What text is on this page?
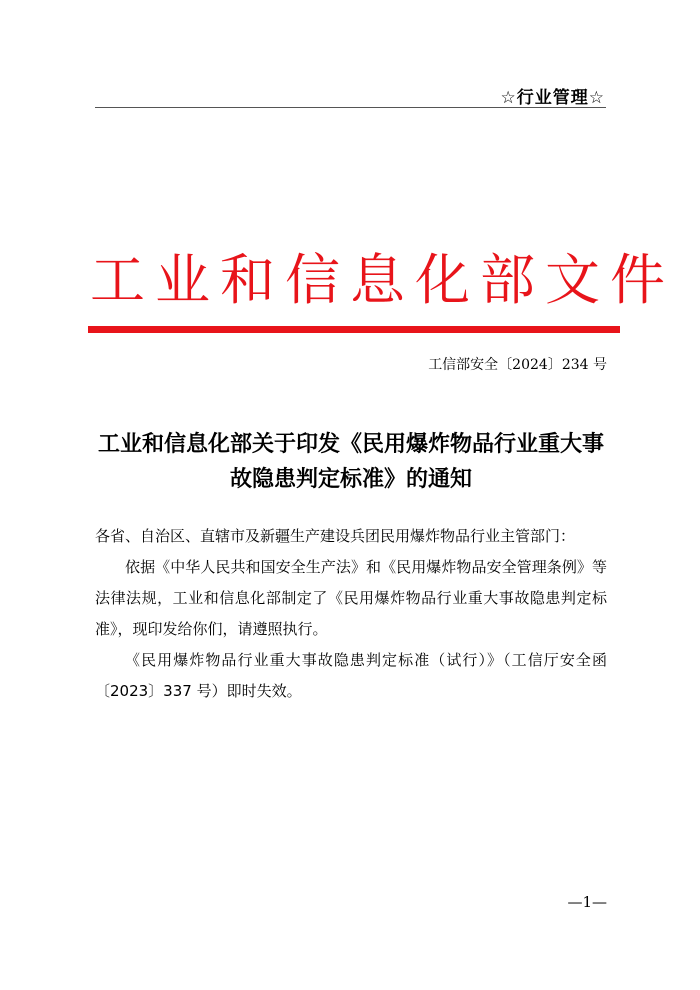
☆行业管理☆
工业和信息化部文件
工信部安全〔2024〕234 号
工业和信息化部关于印发《民用爆炸物品行业重大事故隐患判定标准》的通知

各省、自治区、直辖市及新疆生产建设兵团民用爆炸物品行业主管部门：

依据《中华人民共和国安全生产法》和《民用爆炸物品安全管理条例》等法律法规，工业和信息化部制定了《民用爆炸物品行业重大事故隐患判定标准》，现印发给你们，请遵照执行。

《民用爆炸物品行业重大事故隐患判定标准（试行）》（工信厅安全函〔2023〕337 号）即时失效。

—1—
